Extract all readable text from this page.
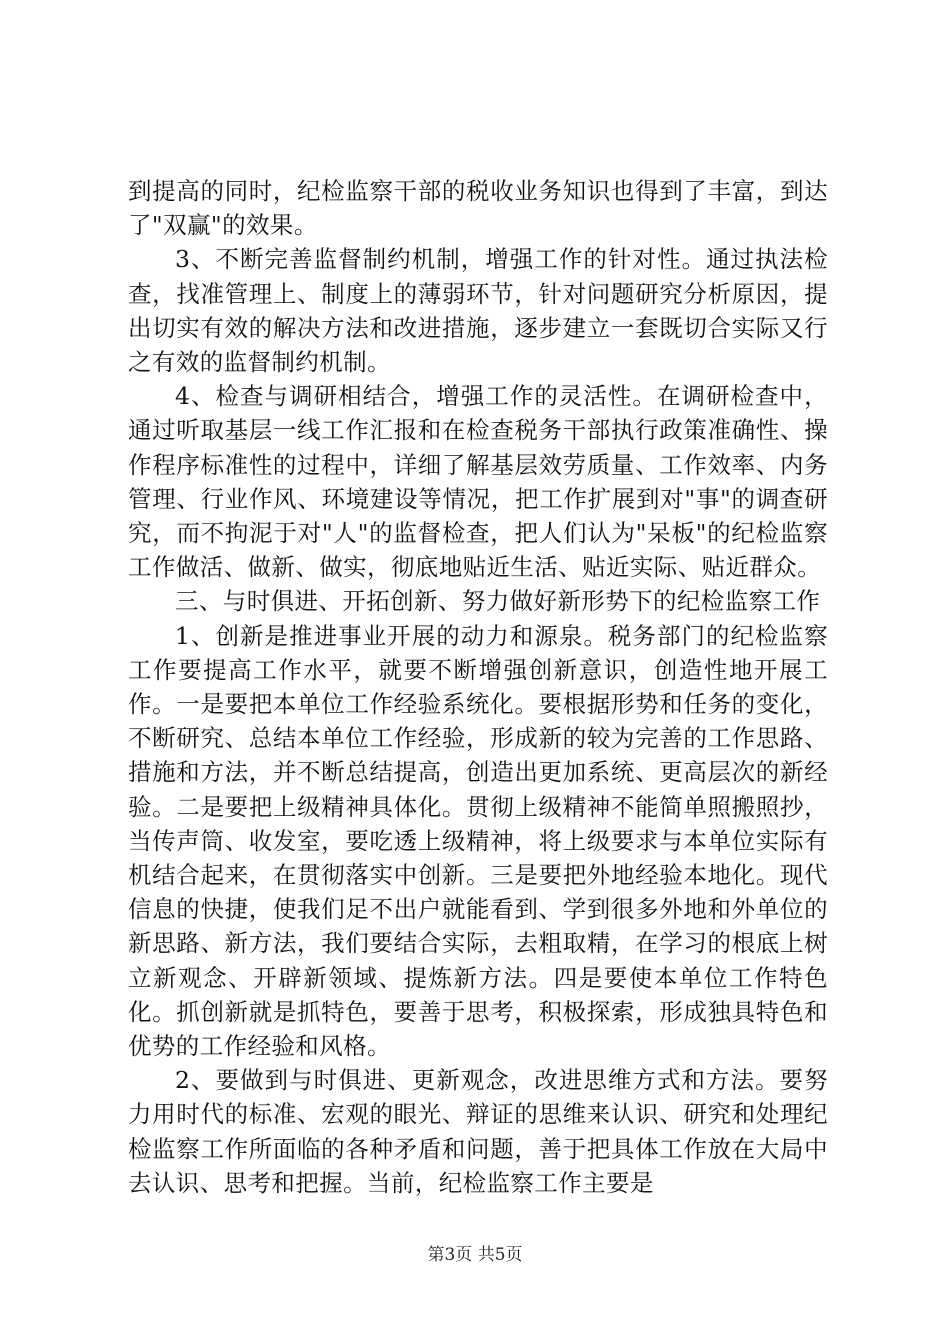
到提高的同时，纪检监察干部的税收业务知识也得到了丰富，到达了"双赢"的效果。

3、不断完善监督制约机制，增强工作的针对性。通过执法检查，找准管理上、制度上的薄弱环节，针对问题研究分析原因，提出切实有效的解决方法和改进措施，逐步建立一套既切合实际又行之有效的监督制约机制。

4、检查与调研相结合，增强工作的灵活性。在调研检查中，通过听取基层一线工作汇报和在检查税务干部执行政策准确性、操作程序标准性的过程中，详细了解基层效劳质量、工作效率、内务管理、行业作风、环境建设等情况，把工作扩展到对"事"的调查研究，而不拘泥于对"人"的监督检查，把人们认为"呆板"的纪检监察工作做活、做新、做实，彻底地贴近生活、贴近实际、贴近群众。

三、与时俱进、开拓创新、努力做好新形势下的纪检监察工作

1、创新是推进事业开展的动力和源泉。税务部门的纪检监察工作要提高工作水平，就要不断增强创新意识，创造性地开展工作。一是要把本单位工作经验系统化。要根据形势和任务的变化，不断研究、总结本单位工作经验，形成新的较为完善的工作思路、措施和方法，并不断总结提高，创造出更加系统、更高层次的新经验。二是要把上级精神具体化。贯彻上级精神不能简单照搬照抄，当传声筒、收发室，要吃透上级精神，将上级要求与本单位实际有机结合起来，在贯彻落实中创新。三是要把外地经验本地化。现代信息的快捷，使我们足不出户就能看到、学到很多外地和外单位的新思路、新方法，我们要结合实际，去粗取精，在学习的根底上树立新观念、开辟新领域、提炼新方法。四是要使本单位工作特色化。抓创新就是抓特色，要善于思考，积极探索，形成独具特色和优势的工作经验和风格。

2、要做到与时俱进、更新观念，改进思维方式和方法。要努力用时代的标准、宏观的眼光、辩证的思维来认识、研究和处理纪检监察工作所面临的各种矛盾和问题，善于把具体工作放在大局中去认识、思考和把握。当前，纪检监察工作主要是

第3页 共5页
